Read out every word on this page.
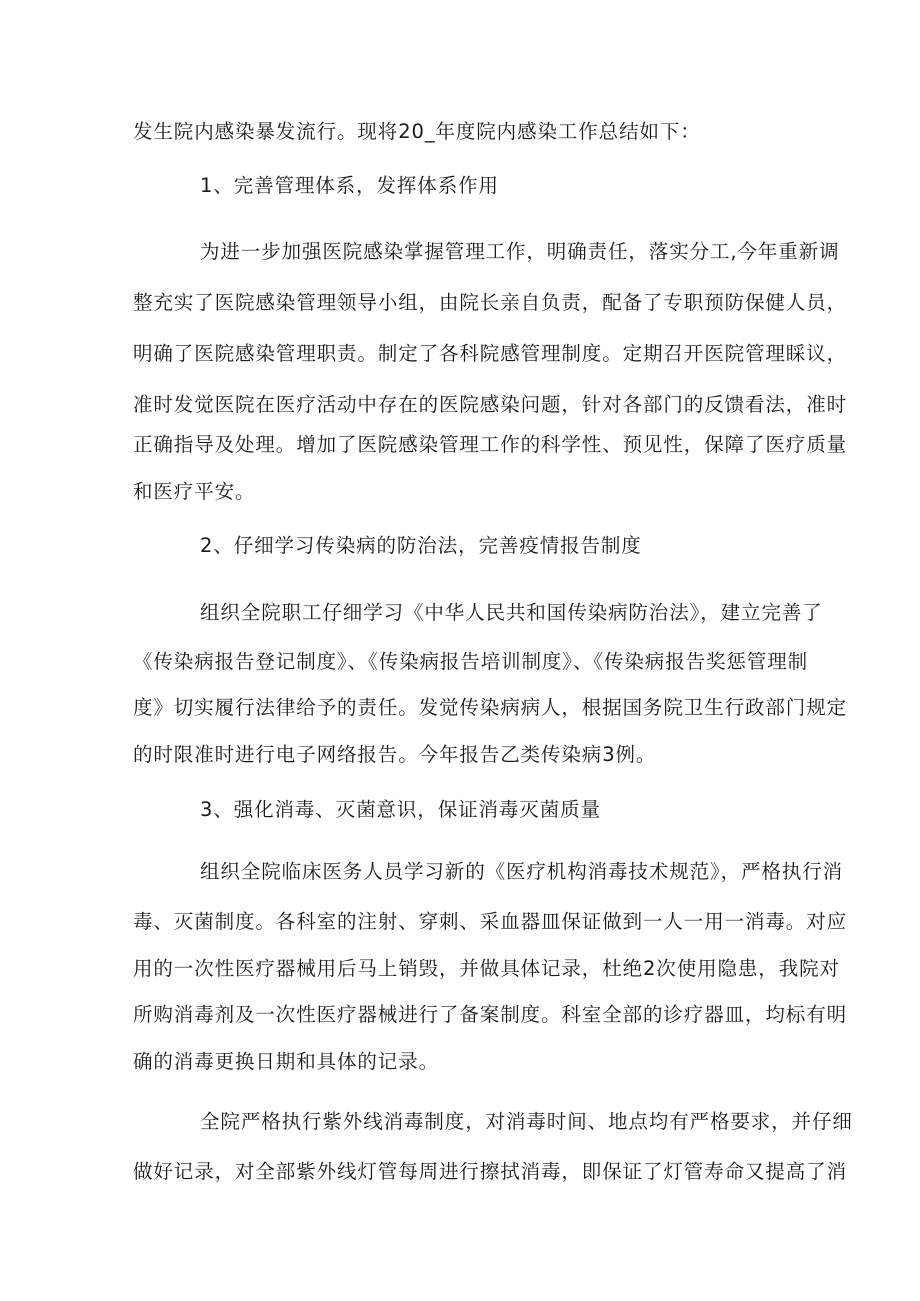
发生院内感染暴发流行。现将20_年度院内感染工作总结如下：
1、完善管理体系，发挥体系作用
为进一步加强医院感染掌握管理工作，明确责任，落实分工,今年重新调
整充实了医院感染管理领导小组，由院长亲自负责，配备了专职预防保健人员，
明确了医院感染管理职责。制定了各科院感管理制度。定期召开医院管理睬议，
准时发觉医院在医疗活动中存在的医院感染问题，针对各部门的反馈看法，准时
正确指导及处理。增加了医院感染管理工作的科学性、预见性，保障了医疗质量
和医疗平安。
2、仔细学习传染病的防治法，完善疫情报告制度
组织全院职工仔细学习《中华人民共和国传染病防治法》，建立完善了
《传染病报告登记制度》、《传染病报告培训制度》、《传染病报告奖惩管理制
度》切实履行法律给予的责任。发觉传染病病人，根据国务院卫生行政部门规定
的时限准时进行电子网络报告。今年报告乙类传染病3例。
3、强化消毒、灭菌意识，保证消毒灭菌质量
组织全院临床医务人员学习新的《医疗机构消毒技术规范》，严格执行消
毒、灭菌制度。各科室的注射、穿刺、采血器皿保证做到一人一用一消毒。对应
用的一次性医疗器械用后马上销毁，并做具体记录，杜绝2次使用隐患，我院对
所购消毒剂及一次性医疗器械进行了备案制度。科室全部的诊疗器皿，均标有明
确的消毒更换日期和具体的记录。
全院严格执行紫外线消毒制度，对消毒时间、地点均有严格要求，并仔细
做好记录，对全部紫外线灯管每周进行擦拭消毒，即保证了灯管寿命又提高了消
